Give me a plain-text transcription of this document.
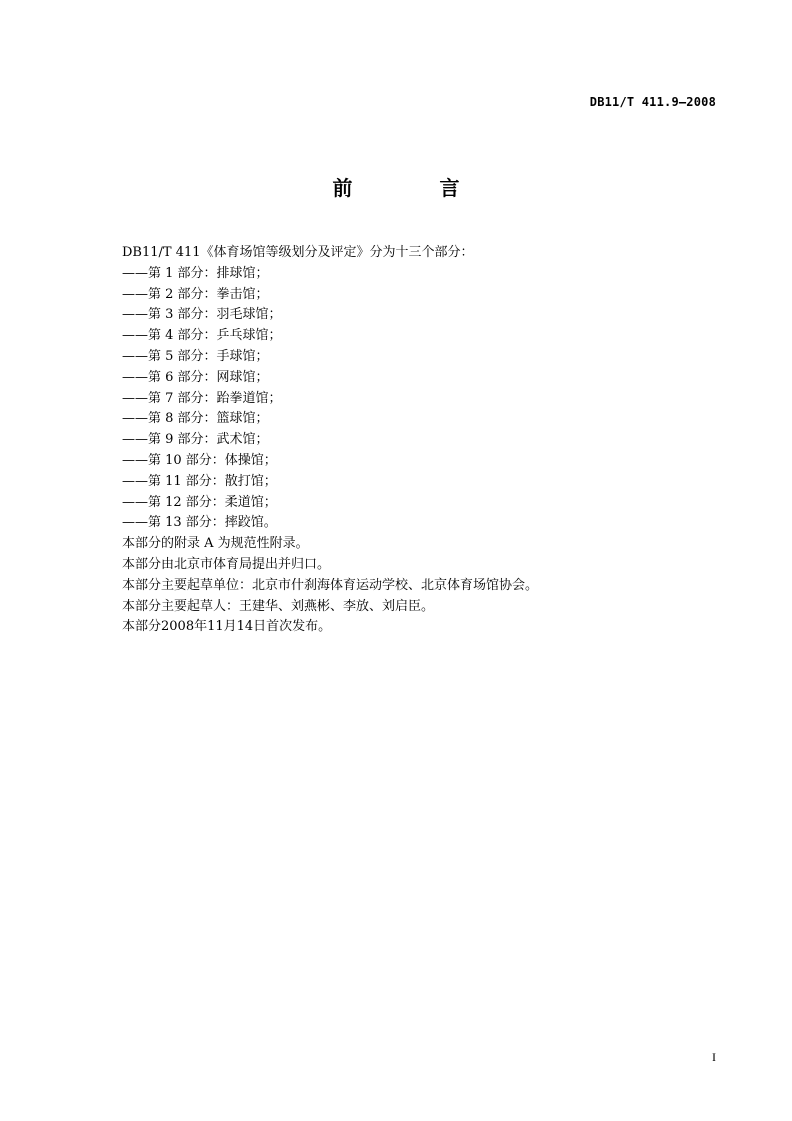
DB11/T 411.9—2008
前 言
DB11/T 411《体育场馆等级划分及评定》分为十三个部分：
——第 1 部分：排球馆；
——第 2 部分：拳击馆；
——第 3 部分：羽毛球馆；
——第 4 部分：乒乓球馆；
——第 5 部分：手球馆；
——第 6 部分：网球馆；
——第 7 部分：跆拳道馆；
——第 8 部分：篮球馆；
——第 9 部分：武术馆；
——第 10 部分：体操馆；
——第 11 部分：散打馆；
——第 12 部分：柔道馆；
——第 13 部分：摔跤馆。
本部分的附录 A 为规范性附录。
本部分由北京市体育局提出并归口。
本部分主要起草单位：北京市什刹海体育运动学校、北京体育场馆协会。
本部分主要起草人：王建华、刘燕彬、李放、刘启臣。
本部分2008年11月14日首次发布。
I
